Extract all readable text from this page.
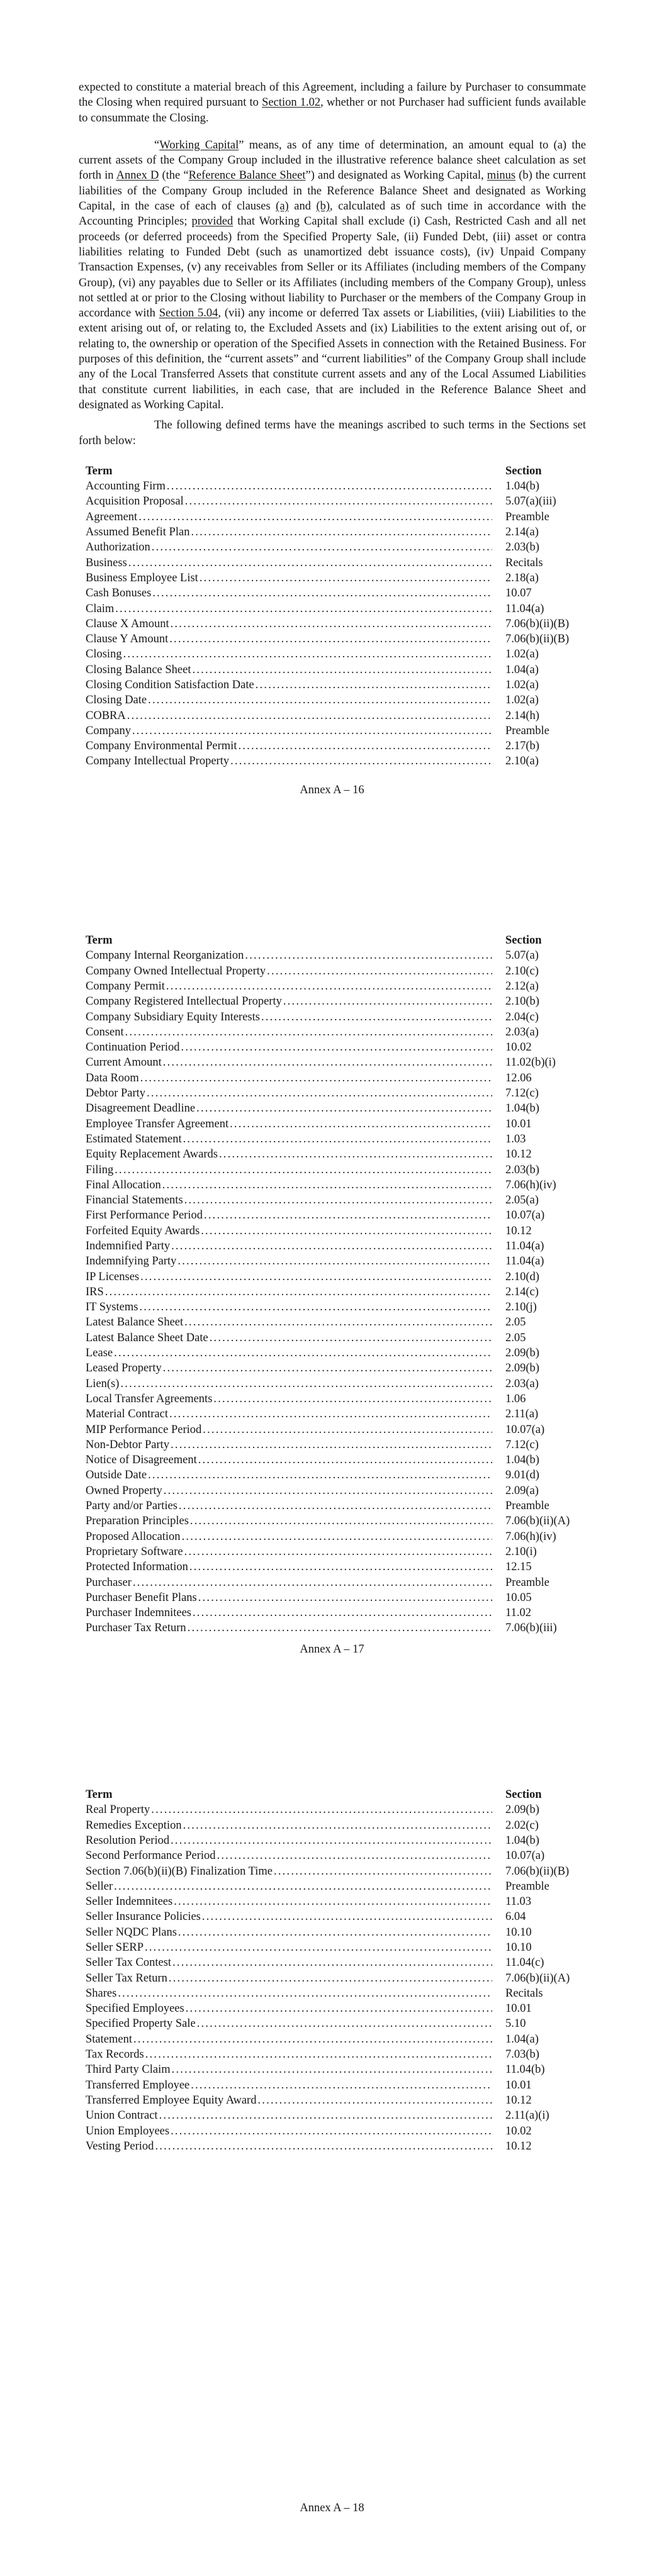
expected to constitute a material breach of this Agreement, including a failure by Purchaser to consummate the Closing when required pursuant to Section 1.02, whether or not Purchaser had sufficient funds available to consummate the Closing.

“Working Capital” means, as of any time of determination, an amount equal to (a) the current assets of the Company Group included in the illustrative reference balance sheet calculation as set forth in Annex D (the “Reference Balance Sheet”) and designated as Working Capital, minus (b) the current liabilities of the Company Group included in the Reference Balance Sheet and designated as Working Capital, in the case of each of clauses (a) and (b), calculated as of such time in accordance with the Accounting Principles; provided that Working Capital shall exclude (i) Cash, Restricted Cash and all net proceeds (or deferred proceeds) from the Specified Property Sale, (ii) Funded Debt, (iii) asset or contra liabilities relating to Funded Debt (such as unamortized debt issuance costs), (iv) Unpaid Company Transaction Expenses, (v) any receivables from Seller or its Affiliates (including members of the Company Group), (vi) any payables due to Seller or its Affiliates (including members of the Company Group), unless not settled at or prior to the Closing without liability to Purchaser or the members of the Company Group in accordance with Section 5.04, (vii) any income or deferred Tax assets or Liabilities, (viii) Liabilities to the extent arising out of, or relating to, the Excluded Assets and (ix) Liabilities to the extent arising out of, or relating to, the ownership or operation of the Specified Assets in connection with the Retained Business. For purposes of this definition, the “current assets” and “current liabilities” of the Company Group shall include any of the Local Transferred Assets that constitute current assets and any of the Local Assumed Liabilities that constitute current liabilities, in each case, that are included in the Reference Balance Sheet and designated as Working Capital.

The following defined terms have the meanings ascribed to such terms in the Sections set forth below:

Term	Section
Accounting Firm .....	1.04(b)
Acquisition Proposal .....	5.07(a)(iii)
Agreement .....	Preamble
Assumed Benefit Plan .....	2.14(a)
Authorization .....	2.03(b)
Business .....	Recitals
Business Employee List .....	2.18(a)
Cash Bonuses .....	10.07
Claim .....	11.04(a)
Clause X Amount .....	7.06(b)(ii)(B)
Clause Y Amount .....	7.06(b)(ii)(B)
Closing .....	1.02(a)
Closing Balance Sheet .....	1.04(a)
Closing Condition Satisfaction Date .....	1.02(a)
Closing Date .....	1.02(a)
COBRA .....	2.14(h)
Company .....	Preamble
Company Environmental Permit .....	2.17(b)
Company Intellectual Property .....	2.10(a)
Annex A – 16
Term	Section
Company Internal Reorganization .....	5.07(a)
Company Owned Intellectual Property .....	2.10(c)
Company Permit .....	2.12(a)
Company Registered Intellectual Property .....	2.10(b)
Company Subsidiary Equity Interests .....	2.04(c)
Consent .....	2.03(a)
Continuation Period .....	10.02
Current Amount .....	11.02(b)(i)
Data Room .....	12.06
Debtor Party .....	7.12(c)
Disagreement Deadline .....	1.04(b)
Employee Transfer Agreement .....	10.01
Estimated Statement .....	1.03
Equity Replacement Awards .....	10.12
Filing .....	2.03(b)
Final Allocation .....	7.06(h)(iv)
Financial Statements .....	2.05(a)
First Performance Period .....	10.07(a)
Forfeited Equity Awards .....	10.12
Indemnified Party .....	11.04(a)
Indemnifying Party .....	11.04(a)
IP Licenses .....	2.10(d)
IRS .....	2.14(c)
IT Systems .....	2.10(j)
Latest Balance Sheet .....	2.05
Latest Balance Sheet Date .....	2.05
Lease .....	2.09(b)
Leased Property .....	2.09(b)
Lien(s) .....	2.03(a)
Local Transfer Agreements .....	1.06
Material Contract .....	2.11(a)
MIP Performance Period .....	10.07(a)
Non-Debtor Party .....	7.12(c)
Notice of Disagreement .....	1.04(b)
Outside Date .....	9.01(d)
Owned Property .....	2.09(a)
Party and/or Parties .....	Preamble
Preparation Principles .....	7.06(b)(ii)(A)
Proposed Allocation .....	7.06(h)(iv)
Proprietary Software .....	2.10(i)
Protected Information .....	12.15
Purchaser .....	Preamble
Purchaser Benefit Plans .....	10.05
Purchaser Indemnitees .....	11.02
Purchaser Tax Return .....	7.06(b)(iii)
Annex A – 17
Term	Section
Real Property .....	2.09(b)
Remedies Exception .....	2.02(c)
Resolution Period .....	1.04(b)
Second Performance Period .....	10.07(a)
Section 7.06(b)(ii)(B) Finalization Time .....	7.06(b)(ii)(B)
Seller .....	Preamble
Seller Indemnitees .....	11.03
Seller Insurance Policies .....	6.04
Seller NQDC Plans .....	10.10
Seller SERP .....	10.10
Seller Tax Contest .....	11.04(c)
Seller Tax Return .....	7.06(b)(ii)(A)
Shares .....	Recitals
Specified Employees .....	10.01
Specified Property Sale .....	5.10
Statement .....	1.04(a)
Tax Records .....	7.03(b)
Third Party Claim .....	11.04(b)
Transferred Employee .....	10.01
Transferred Employee Equity Award .....	10.12
Union Contract .....	2.11(a)(i)
Union Employees .....	10.02
Vesting Period .....	10.12
Annex A – 18
